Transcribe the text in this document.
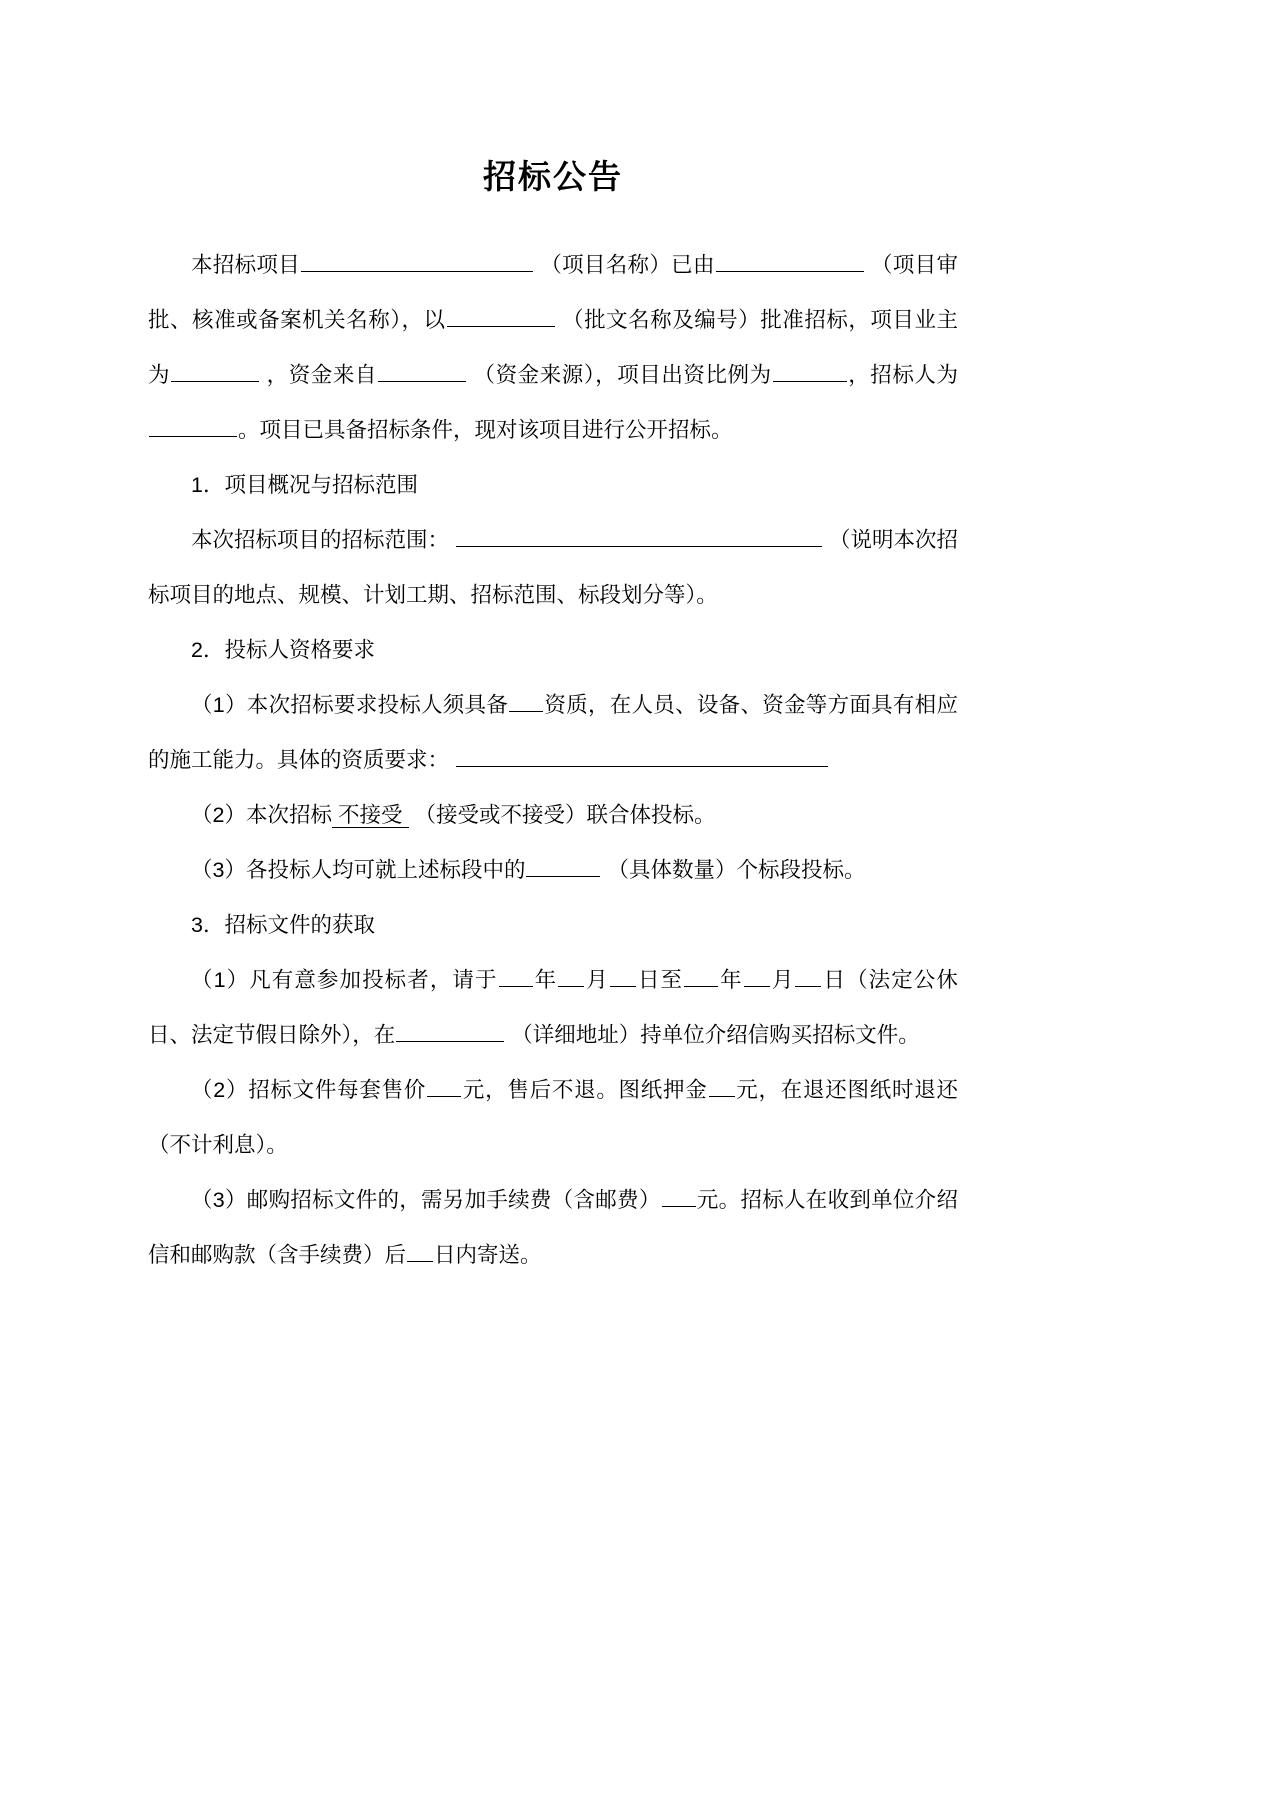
招标公告

本招标项目	（项目名称）已由	（项目审批、核准或备案机关名称），以	（批文名称及编号）批准招标，项目业主为	，资金来自	（资金来源），项目出资比例为	，招标人为。项目已具备招标条件，现对该项目进行公开招标。

1．项目概况与招标范围

本次招标项目的招标范围：	（说明本次招标项目的地点、规模、计划工期、招标范围、标段划分等）。

2．投标人资格要求

（1）本次招标要求投标人须具备 资质，在人员、设备、资金等方面具有相应的施工能力。具体的资质要求：

（2）本次招标 不接受 （接受或不接受）联合体投标。

（3）各投标人均可就上述标段中的	（具体数量）个标段投标。

3．招标文件的获取

（1）凡有意参加投标者，请于 年 月 日至 年 月 日（法定公休日、法定节假日除外），在	（详细地址）持单位介绍信购买招标文件。

（2）招标文件每套售价 元，售后不退。图纸押金 元，在退还图纸时退还（不计利息）。

（3）邮购招标文件的，需另加手续费（含邮费） 元。招标人在收到单位介绍信和邮购款（含手续费）后 日内寄送。
